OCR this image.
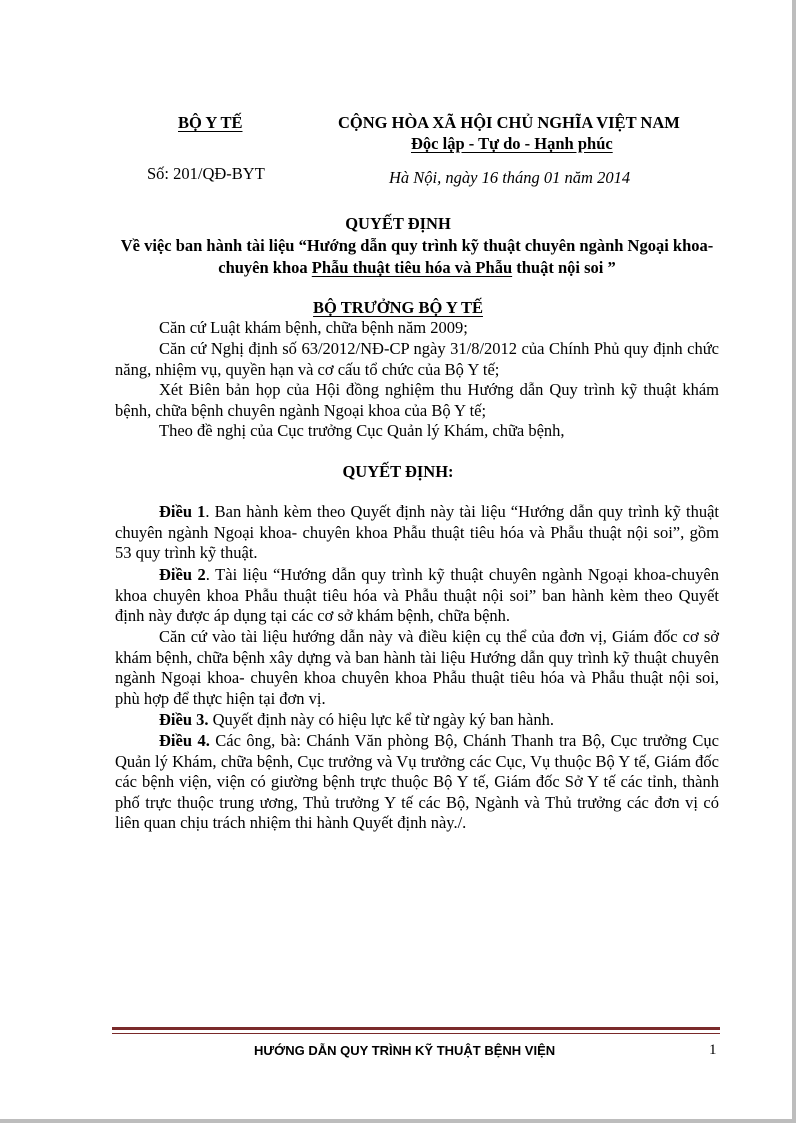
BỘ Y TẾ	CỘNG HÒA XÃ HỘI CHỦ NGHĨA VIỆT NAM
Độc lập - Tự do - Hạnh phúc
Số: 201/QĐ-BYT	Hà Nội, ngày 16 tháng 01 năm 2014
QUYẾT ĐỊNH
Về việc ban hành tài liệu “Hướng dẫn quy trình kỹ thuật chuyên ngành Ngoại khoa- chuyên khoa Phẫu thuật tiêu hóa và Phẫu thuật nội soi ”
BỘ TRƯỞNG BỘ Y TẾ
Căn cứ Luật khám bệnh, chữa bệnh năm 2009;
Căn cứ Nghị định số 63/2012/NĐ-CP ngày 31/8/2012 của Chính Phủ quy định chức năng, nhiệm vụ, quyền hạn và cơ cấu tổ chức của Bộ Y tế;
Xét Biên bản họp của Hội đồng nghiệm thu Hướng dẫn Quy trình kỹ thuật khám bệnh, chữa bệnh chuyên ngành Ngoại khoa của Bộ Y tế;
Theo đề nghị của Cục trưởng Cục Quản lý Khám, chữa bệnh,
QUYẾT ĐỊNH:
Điều 1. Ban hành kèm theo Quyết định này tài liệu “Hướng dẫn quy trình kỹ thuật chuyên ngành Ngoại khoa- chuyên khoa Phẫu thuật tiêu hóa và Phẫu thuật nội soi”, gồm 53 quy trình kỹ thuật.
Điều 2. Tài liệu “Hướng dẫn quy trình kỹ thuật chuyên ngành Ngoại khoa-chuyên khoa chuyên khoa Phẫu thuật tiêu hóa và Phẫu thuật nội soi” ban hành kèm theo Quyết định này được áp dụng tại các cơ sở khám bệnh, chữa bệnh.
Căn cứ vào tài liệu hướng dẫn này và điều kiện cụ thể của đơn vị, Giám đốc cơ sở khám bệnh, chữa bệnh xây dựng và ban hành tài liệu Hướng dẫn quy trình kỹ thuật chuyên ngành Ngoại khoa- chuyên khoa chuyên khoa Phẫu thuật tiêu hóa và Phẫu thuật nội soi, phù hợp để thực hiện tại đơn vị.
Điều 3. Quyết định này có hiệu lực kể từ ngày ký ban hành.
Điều 4. Các ông, bà: Chánh Văn phòng Bộ, Chánh Thanh tra Bộ, Cục trưởng Cục Quản lý Khám, chữa bệnh, Cục trưởng và Vụ trưởng các Cục, Vụ thuộc Bộ Y tế, Giám đốc các bệnh viện, viện có giường bệnh trực thuộc Bộ Y tế, Giám đốc Sở Y tế các tỉnh, thành phố trực thuộc trung ương, Thủ trưởng Y tế các Bộ, Ngành và Thủ trưởng các đơn vị có liên quan chịu trách nhiệm thi hành Quyết định này./.
HƯỚNG DẪN QUY TRÌNH KỸ THUẬT BỆNH VIỆN	1
